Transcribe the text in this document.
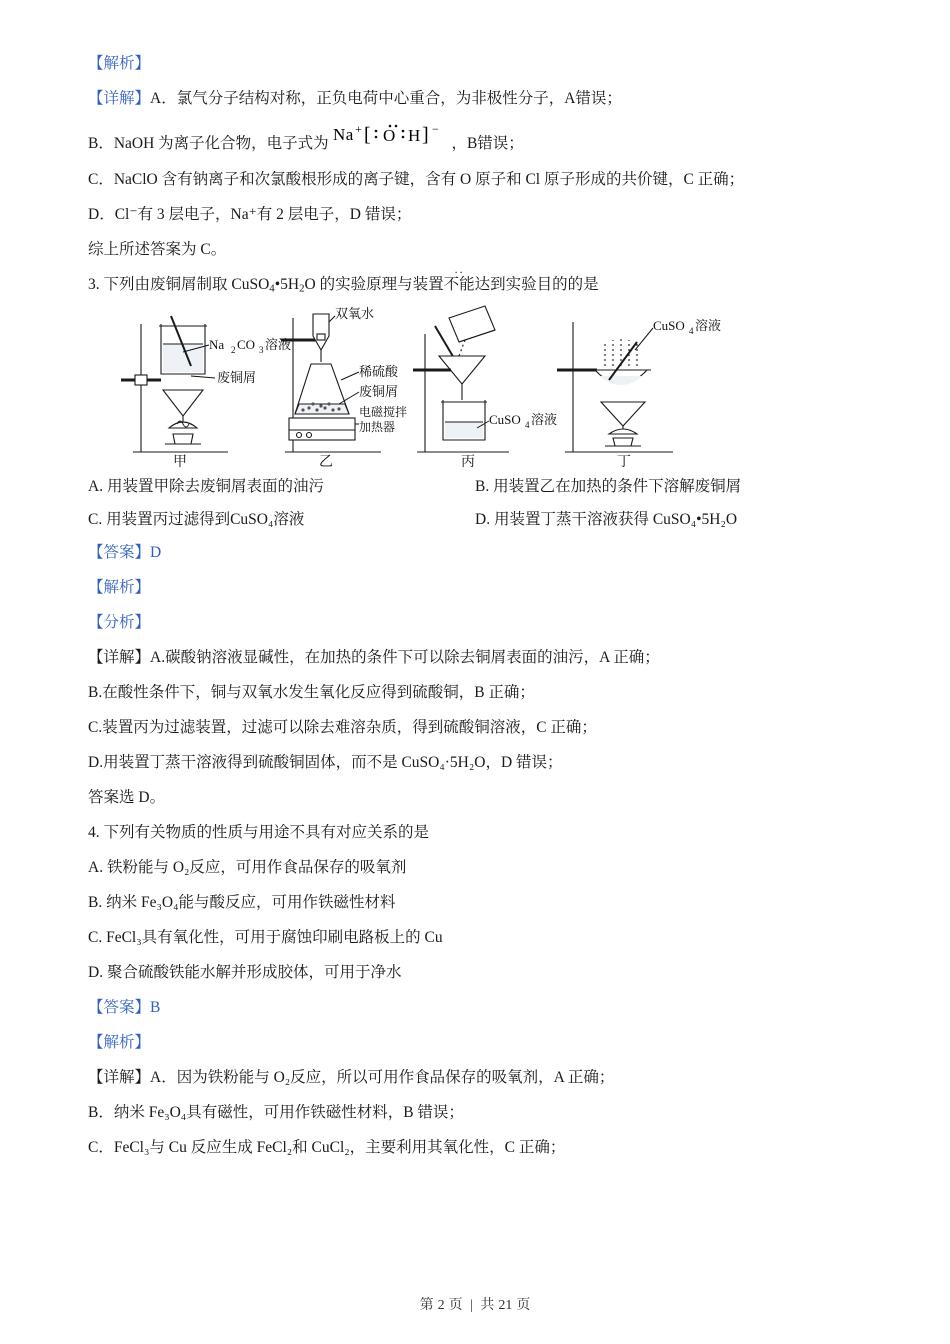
【解析】

【详解】A．氯气分子结构对称，正负电荷中心重合，为非极性分子，A错误；

B．NaOH 为离子化合物，电子式为 Na + [ O H ] −
，B错误；

C．NaClO 含有钠离子和次氯酸根形成的离子键，含有 O 原子和 Cl 原子形成的共价键，C 正确；

D．Cl⁻有 3 层电子，Na⁺有 2 层电子，D 错误；

综上所述答案为 C。

3. 下列由废铜屑制取 $CuSO_4•5H_2O$ 的实验原理与装置不能 ··达到实验目的的是

Na 2 CO 3 溶液
废铜屑
甲
双氧水
稀硫酸
废铜屑
电磁搅拌
加热器
乙
CuSO 4 溶液
丙
CuSO 4 溶液
丁
A. 用装置甲除去废铜屑表面的油污	B. 用装置乙在加热的条件下溶解废铜屑
C. 用装置丙过滤得到CuSO₄溶液	D. 用装置丁蒸干溶液获得 CuSO₄•5H₂O

【答案】D

【解析】

【分析】

【详解】A.碳酸钠溶液显碱性，在加热的条件下可以除去铜屑表面的油污，A 正确；

B.在酸性条件下，铜与双氧水发生氧化反应得到硫酸铜，B 正确；

C.装置丙为过滤装置，过滤可以除去难溶杂质，得到硫酸铜溶液，C 正确；

D.用装置丁蒸干溶液得到硫酸铜固体，而不是 CuSO₄·5H₂O，D 错误；

答案选 D。

4. 下列有关物质的性质与用途不具有对应关系的是

A. 铁粉能与 O₂反应，可用作食品保存的吸氧剂

B. 纳米 Fe₃O₄能与酸反应，可用作铁磁性材料

C. FeCl₃具有氧化性，可用于腐蚀印刷电路板上的 Cu

D. 聚合硫酸铁能水解并形成胶体，可用于净水

【答案】B

【解析】

【详解】A．因为铁粉能与 O₂反应，所以可用作食品保存的吸氧剂，A 正确；

B．纳米 Fe₃O₄具有磁性，可用作铁磁性材料，B 错误；

C．FeCl₃与 Cu 反应生成 FeCl₂和 CuCl₂，主要利用其氧化性，C 正确；

第 2 页 | 共 21 页
